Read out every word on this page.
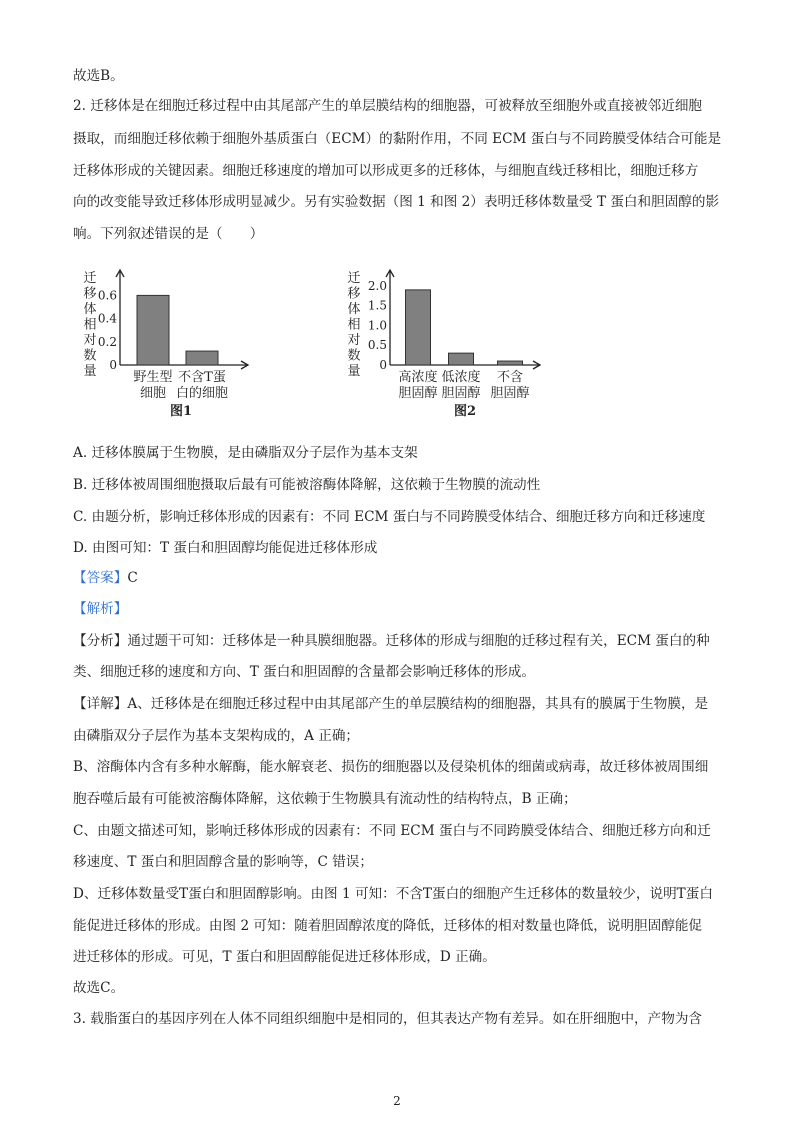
故选B。
2. 迁移体是在细胞迁移过程中由其尾部产生的单层膜结构的细胞器，可被释放至细胞外或直接被邻近细胞
摄取，而细胞迁移依赖于细胞外基质蛋白（ECM）的黏附作用，不同 ECM 蛋白与不同跨膜受体结合可能是
迁移体形成的关键因素。细胞迁移速度的增加可以形成更多的迁移体，与细胞直线迁移相比，细胞迁移方
向的改变能导致迁移体形成明显减少。另有实验数据（图 1 和图 2）表明迁移体数量受 T 蛋白和胆固醇的影
响。下列叙述错误的是（　　）
迁
移
体
相
对
数
量 0
0.2
0.4
0.6
野生型
细胞
不含T蛋
白的细胞
图1
迁
移
体
相
对
数
量 0
0.5
1.0
1.5
2.0
高浓度
胆固醇
低浓度
胆固醇
不含
胆固醇
图2
A. 迁移体膜属于生物膜，是由磷脂双分子层作为基本支架
B. 迁移体被周围细胞摄取后最有可能被溶酶体降解，这依赖于生物膜的流动性
C. 由题分析，影响迁移体形成的因素有：不同 ECM 蛋白与不同跨膜受体结合、细胞迁移方向和迁移速度
D. 由图可知：T 蛋白和胆固醇均能促进迁移体形成
【答案】C
【解析】
【分析】通过题干可知：迁移体是一种具膜细胞器。迁移体的形成与细胞的迁移过程有关，ECM 蛋白的种
类、细胞迁移的速度和方向、T 蛋白和胆固醇的含量都会影响迁移体的形成。
【详解】A、迁移体是在细胞迁移过程中由其尾部产生的单层膜结构的细胞器，其具有的膜属于生物膜，是
由磷脂双分子层作为基本支架构成的，A 正确；
B、溶酶体内含有多种水解酶，能水解衰老、损伤的细胞器以及侵染机体的细菌或病毒，故迁移体被周围细
胞吞噬后最有可能被溶酶体降解，这依赖于生物膜具有流动性的结构特点，B 正确；
C、由题文描述可知，影响迁移体形成的因素有：不同 ECM 蛋白与不同跨膜受体结合、细胞迁移方向和迁
移速度、T 蛋白和胆固醇含量的影响等，C 错误；
D、迁移体数量受T蛋白和胆固醇影响。由图 1 可知：不含T蛋白的细胞产生迁移体的数量较少，说明T蛋白
能促进迁移体的形成。由图 2 可知：随着胆固醇浓度的降低，迁移体的相对数量也降低，说明胆固醇能促
进迁移体的形成。可见，T 蛋白和胆固醇能促进迁移体形成，D 正确。
故选C。
3. 载脂蛋白的基因序列在人体不同组织细胞中是相同的，但其表达产物有差异。如在肝细胞中，产物为含
2
